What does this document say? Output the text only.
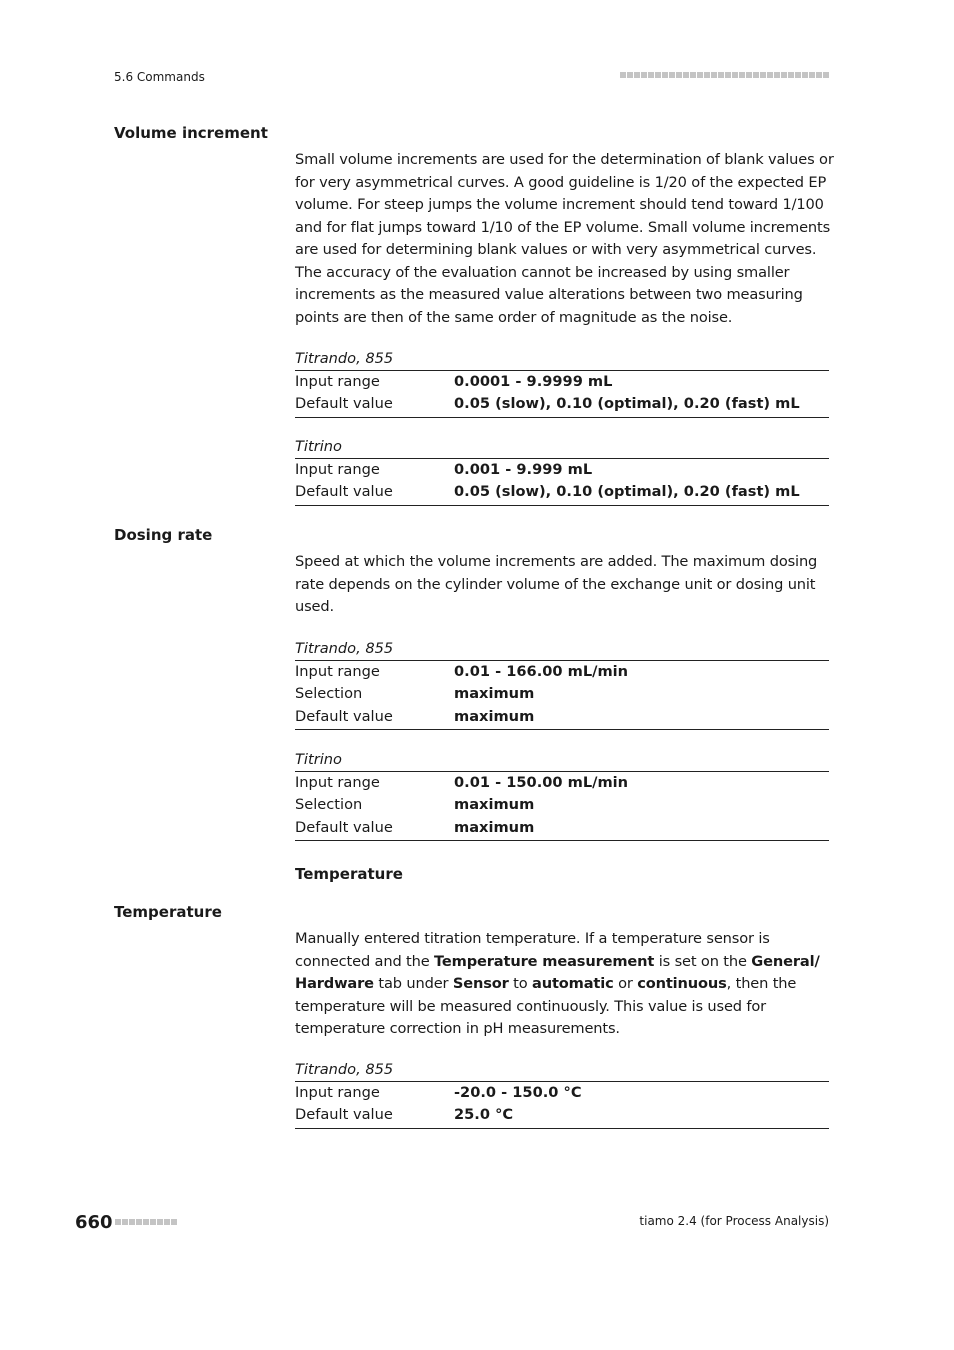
5.6 Commands
Volume increment

Small volume increments are used for the determination of blank values or for very asymmetrical curves. A good guideline is 1/20 of the expected EP volume. For steep jumps the volume increment should tend toward 1/100 and for flat jumps toward 1/10 of the EP volume. Small volume increments are used for determining blank values or with very asymmetrical curves. The accuracy of the evaluation cannot be increased by using smaller increments as the measured value alterations between two measuring points are then of the same order of magnitude as the noise.

Titrando, 855
Input range	0.0001 - 9.9999 mL
Default value	0.05 (slow), 0.10 (optimal), 0.20 (fast) mL
Titrino
Input range	0.001 - 9.999 mL
Default value	0.05 (slow), 0.10 (optimal), 0.20 (fast) mL
Dosing rate

Speed at which the volume increments are added. The maximum dosing rate depends on the cylinder volume of the exchange unit or dosing unit used.

Titrando, 855
Input range	0.01 - 166.00 mL/min
Selection	maximum
Default value	maximum
Titrino
Input range	0.01 - 150.00 mL/min
Selection	maximum
Default value	maximum
Temperature
Temperature

Manually entered titration temperature. If a temperature sensor is connected and the Temperature measurement is set on the General/ Hardware tab under Sensor to automatic or continuous, then the temperature will be measured continuously. This value is used for temperature correction in pH measurements.

Titrando, 855
Input range	-20.0 - 150.0 °C
Default value	25.0 °C
660	tiamo 2.4 (for Process Analysis)
